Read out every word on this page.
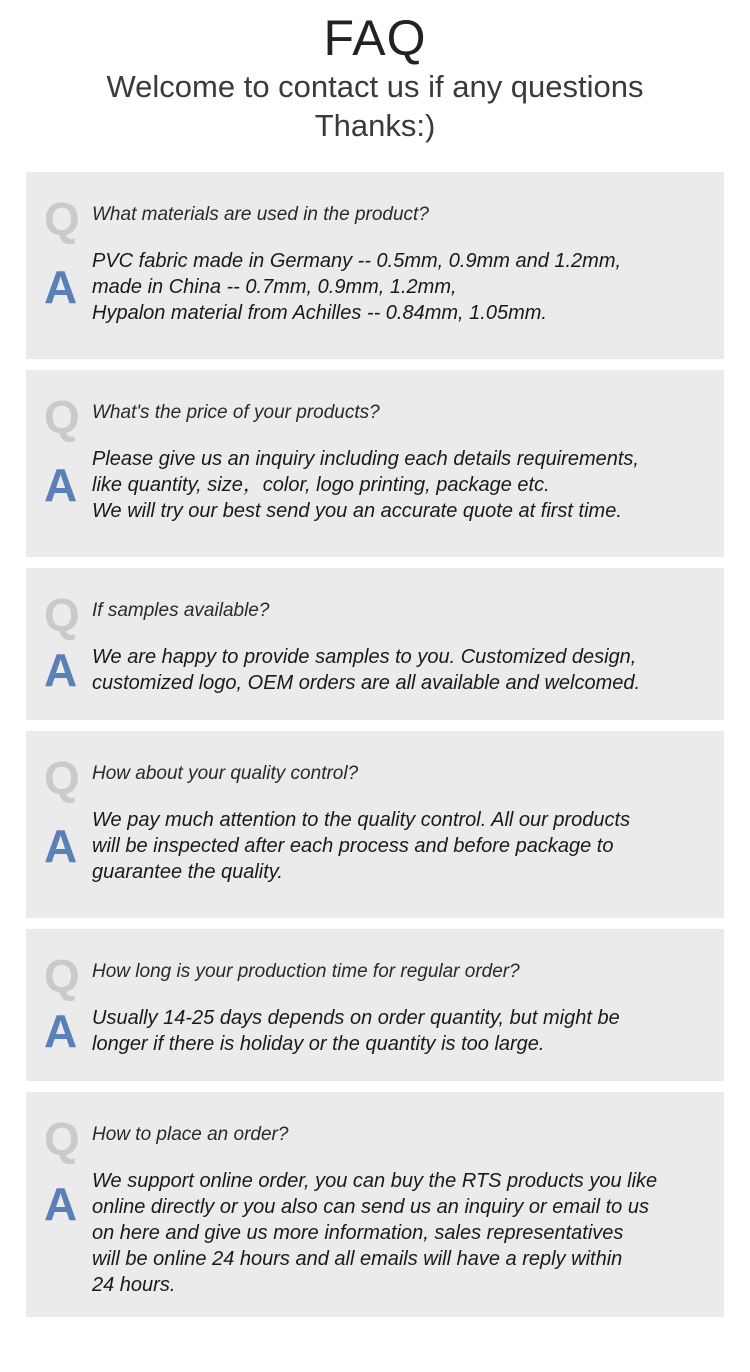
FAQ
Welcome to contact us if any questions
Thanks:)
Q What materials are used in the product?
A PVC fabric made in Germany -- 0.5mm, 0.9mm and 1.2mm,
made in China -- 0.7mm, 0.9mm, 1.2mm,
Hypalon material from Achilles -- 0.84mm, 1.05mm.
Q What's the price of your products?
A Please give us an inquiry including each details requirements,
like quantity, size，color, logo printing, package etc.
We will try our best send you an accurate quote at first time.
Q If samples available?
A We are happy to provide samples to you. Customized design,
customized logo, OEM orders are all available and welcomed.
Q How about your quality control?
A We pay much attention to the quality control. All our products
will be inspected after each process and before package to
guarantee the quality.
Q How long is your production time for regular order?
A Usually 14-25 days depends on order quantity, but might be
longer if there is holiday or the quantity is too large.
Q How to place an order?
A We support online order, you can buy the RTS products you like
online directly or you also can send us an inquiry or email to us
on here and give us more information, sales representatives
will be online 24 hours and all emails will have a reply within
24 hours.
